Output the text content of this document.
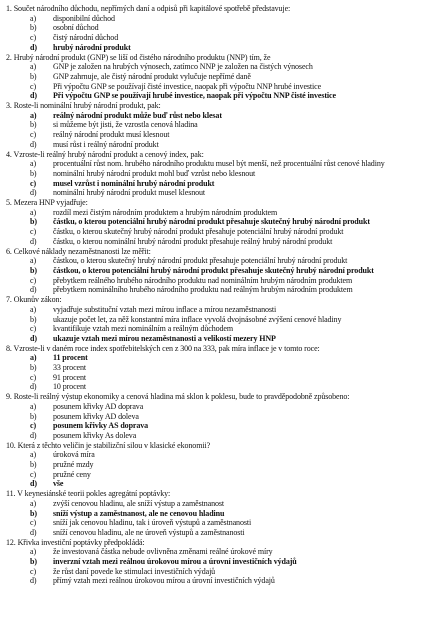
1. Součet národního důchodu, nepřímých daní a odpisů při kapitálové spotřebě představuje:
a)	disponibilní důchod
b)	osobní důchod
c)	čistý národní důchod
d)	hrubý národní produkt
2. Hrubý národní produkt (GNP) se liší od čistého národního produktu (NNP) tím, že
a)	GNP je založen na hrubých výnosech, zatímco NNP je založen na čistých výnosech
b)	GNP zahrnuje, ale čistý národní produkt vylučuje nepřímé daně
c)	Při výpočtu GNP se používají čisté investice, naopak při výpočtu NNP hrubé investice
d)	Při výpočtu GNP se používají hrubé investice, naopak při výpočtu NNP čisté investice
3. Roste-li nominální hrubý národní produkt, pak:
a)	reálný národní produkt může buď růst nebo klesat
b)	si můžeme být jisti, že vzrostla cenová hladina
c)	reálný národní produkt musí klesnout
d)	musí růst i reálný národní produkt
4. Vzroste-li reálný hrubý národní produkt a cenový index, pak:
a)	procentuální růst nom. hrubého národního produktu musel být menší, než procentuální růst cenové hladiny
b)	nominální hrubý národní produkt mohl buď vzrůst nebo klesnout
c)	musel vzrůst i nominální hrubý národní produkt
d)	nominální hrubý národní produkt musel klesnout
5. Mezera HNP vyjadřuje:
a)	rozdíl mezi čistým národním produktem a hrubým národním produktem
b)	částku, o kterou potenciální hrubý národní produkt přesahuje skutečný hrubý národní produkt
c)	částku, o kterou skutečný hrubý národní produkt přesahuje potenciální hrubý národní produkt
d)	částku, o kterou nominální hrubý národní produkt přesahuje reálný hrubý národní produkt
6. Celkové náklady nezaměstnanosti lze měřit:
a)	částkou, o kterou skutečný hrubý národní produkt přesahuje potenciální hrubý národní produkt
b)	částkou, o kterou potenciální hrubý národní produkt přesahuje skutečný hrubý národní produkt
c)	přebytkem reálného hrubého národního produktu nad nominálním hrubým národním produktem
d)	přebytkem nominálního hrubého národního produktu nad reálným hrubým národním produktem
7. Okunův zákon:
a)	vyjadřuje substituční vztah mezi mírou inflace a mírou nezaměstnanosti
b)	ukazuje počet let, za něž konstantní míra inflace vyvolá dvojnásobné zvýšení cenové hladiny
c)	kvantifikuje vztah mezi nominálním a reálným důchodem
d)	ukazuje vztah mezi mírou nezaměstnanosti a velikostí mezery HNP
8. Vzroste-li v daném roce index spotřebitelských cen z 300 na 333, pak míra inflace je v tomto roce:
a)	11 procent
b)	33 procent
c)	91 procent
d)	10 procent
9. Roste-li reálný výstup ekonomiky a cenová hladina má sklon k poklesu, bude to pravděpodobně způsobeno:
a)	posunem křivky AD doprava
b)	posunem křivky AD doleva
c)	posunem křivky AS doprava
d)	posunem křivky As doleva
10. Která z těchto veličin je stabilizční silou v klasické ekonomii?
a)	úroková míra
b)	pružné mzdy
c)	pružné ceny
d)	vše
11. V keynesiánské teorii pokles agregátní poptávky:
a)	zvýší cenovou hladinu, ale sníží výstup a zaměstnanost
b)	sníží výstup a zaměstnanost, ale ne cenovou hladinu
c)	sníží jak cenovou hladinu, tak i úroveň výstupů a zaměstnanosti
d)	sníží cenovou hladinu, ale ne úroveň výstupů a zaměstnanosti
12. Křivka investiční poptávky předpokládá:
a)	že investovaná částka nebude ovlivněna změnami reálné úrokové míry
b)	inverzní vztah mezi reálnou úrokovou mírou a úrovní investičních výdajů
c)	že růst daní povede ke stimulaci investičních výdajů
d)	přímý vztah mezi reálnou úrokovou mírou a úrovní investičních výdajů
